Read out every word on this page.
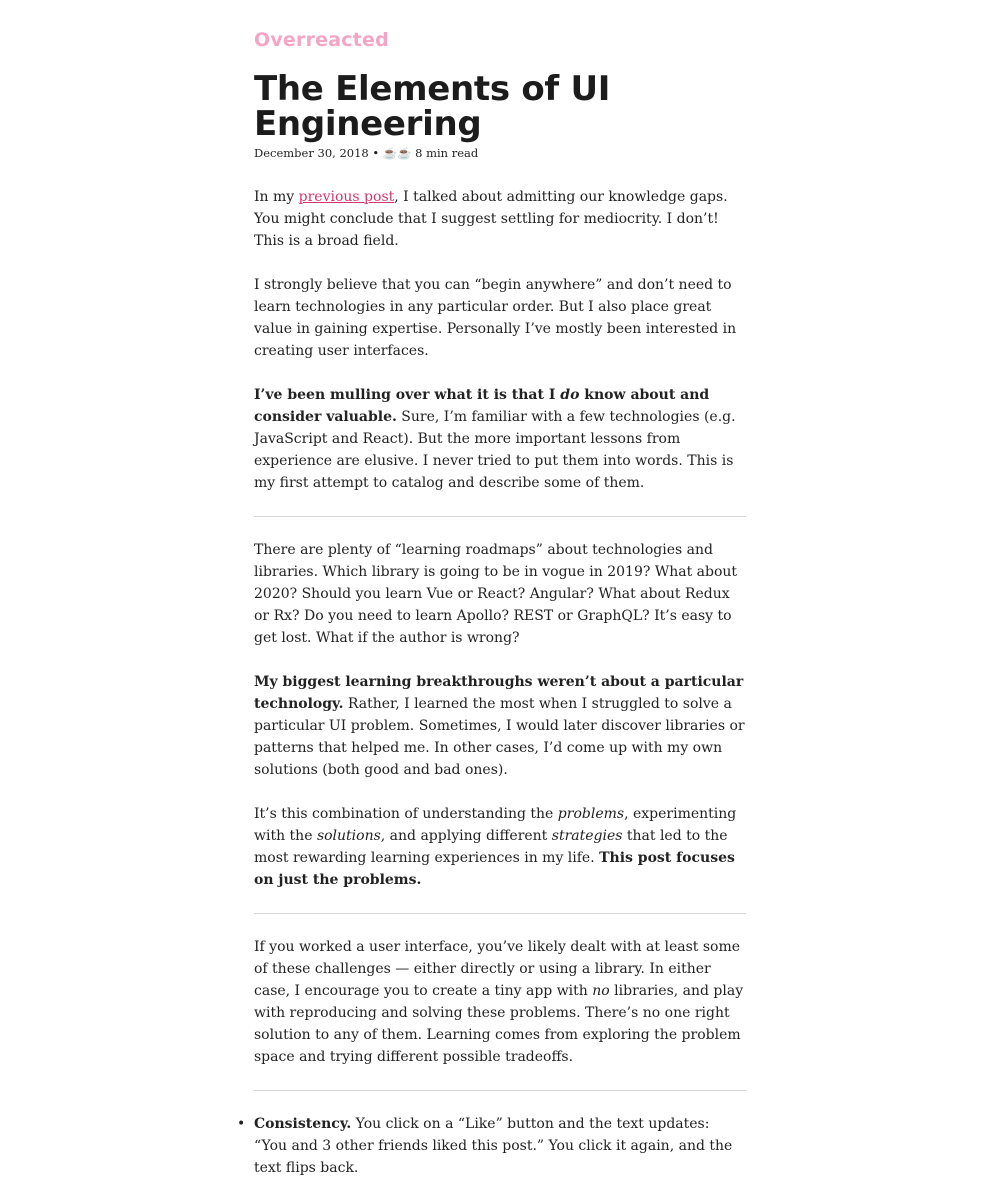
Overreacted
The Elements of UI Engineering
December 30, 2018 • ☕️☕️ 8 min read

In my previous post, I talked about admitting our knowledge gaps. You might conclude that I suggest settling for mediocrity. I don’t! This is a broad field.

I strongly believe that you can “begin anywhere” and don’t need to learn technologies in any particular order. But I also place great value in gaining expertise. Personally I’ve mostly been interested in creating user interfaces.

I’ve been mulling over what it is that I do know about and consider valuable. Sure, I’m familiar with a few technologies (e.g. JavaScript and React). But the more important lessons from experience are elusive. I never tried to put them into words. This is my first attempt to catalog and describe some of them.

There are plenty of “learning roadmaps” about technologies and libraries. Which library is going to be in vogue in 2019? What about 2020? Should you learn Vue or React? Angular? What about Redux or Rx? Do you need to learn Apollo? REST or GraphQL? It’s easy to get lost. What if the author is wrong?

My biggest learning breakthroughs weren’t about a particular technology. Rather, I learned the most when I struggled to solve a particular UI problem. Sometimes, I would later discover libraries or patterns that helped me. In other cases, I’d come up with my own solutions (both good and bad ones).

It’s this combination of understanding the problems, experimenting with the solutions, and applying different strategies that led to the most rewarding learning experiences in my life. This post focuses on just the problems.

If you worked a user interface, you’ve likely dealt with at least some of these challenges — either directly or using a library. In either case, I encourage you to create a tiny app with no libraries, and play with reproducing and solving these problems. There’s no one right solution to any of them. Learning comes from exploring the problem space and trying different possible tradeoffs.

• Consistency. You click on a “Like” button and the text updates: “You and 3 other friends liked this post.” You click it again, and the text flips back.
